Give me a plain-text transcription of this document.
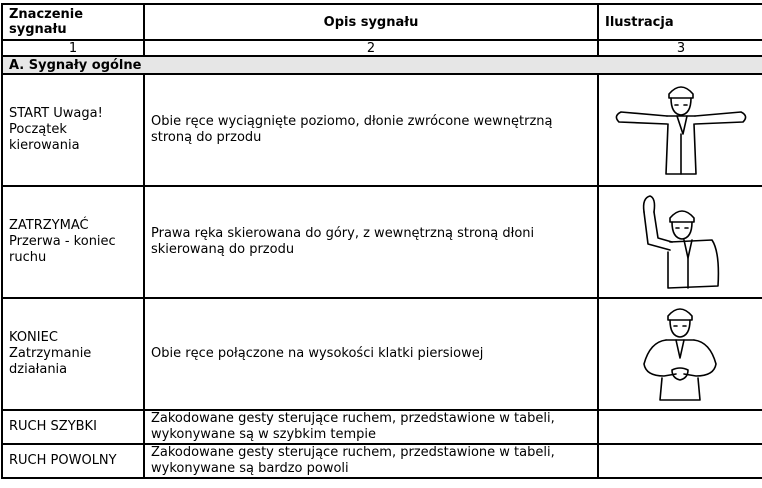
Znaczenie sygnału	Opis sygnału	Ilustracja
1	2	3
A. Sygnały ogólne		

START Uwaga!
Początek
kierowania	Obie ręce wyciągnięte poziomo, dłonie zwrócone wewnętrzną stroną do przodu	

ZATRZYMAĆ
Przerwa - koniec
ruchu	Prawa ręka skierowana do góry, z wewnętrzną stroną dłoni skierowaną do przodu	

KONIEC
Zatrzymanie
działania	Obie ręce połączone na wysokości klatki piersiowej	

RUCH SZYBKI	Zakodowane gesty sterujące ruchem, przedstawione w tabeli, wykonywane są w szybkim tempie	
RUCH POWOLNY	Zakodowane gesty sterujące ruchem, przedstawione w tabeli, wykonywane są bardzo powoli	
